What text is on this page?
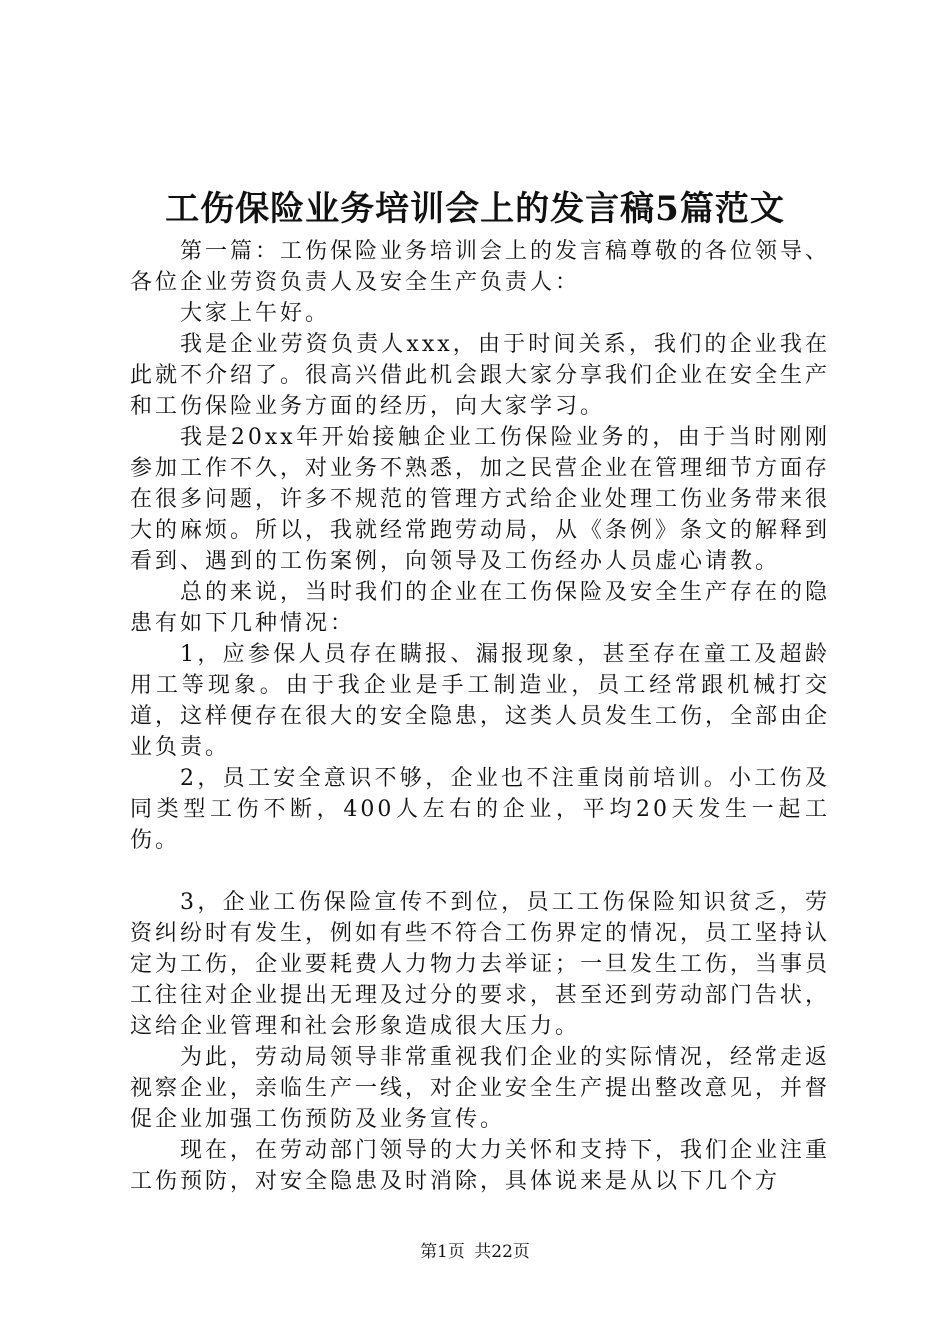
工伤保险业务培训会上的发言稿5篇范文

第一篇：工伤保险业务培训会上的发言稿尊敬的各位领导、各位企业劳资负责人及安全生产负责人：

大家上午好。

我是企业劳资负责人xxx，由于时间关系，我们的企业我在此就不介绍了。很高兴借此机会跟大家分享我们企业在安全生产和工伤保险业务方面的经历，向大家学习。

我是20xx年开始接触企业工伤保险业务的，由于当时刚刚参加工作不久，对业务不熟悉，加之民营企业在管理细节方面存在很多问题，许多不规范的管理方式给企业处理工伤业务带来很大的麻烦。所以，我就经常跑劳动局，从《条例》条文的解释到看到、遇到的工伤案例，向领导及工伤经办人员虚心请教。

总的来说，当时我们的企业在工伤保险及安全生产存在的隐患有如下几种情况：

1，应参保人员存在瞒报、漏报现象，甚至存在童工及超龄用工等现象。由于我企业是手工制造业，员工经常跟机械打交道，这样便存在很大的安全隐患，这类人员发生工伤，全部由企业负责。

2，员工安全意识不够，企业也不注重岗前培训。小工伤及同类型工伤不断，400人左右的企业，平均20天发生一起工伤。

3，企业工伤保险宣传不到位，员工工伤保险知识贫乏，劳资纠纷时有发生，例如有些不符合工伤界定的情况，员工坚持认定为工伤，企业要耗费人力物力去举证；一旦发生工伤，当事员工往往对企业提出无理及过分的要求，甚至还到劳动部门告状，这给企业管理和社会形象造成很大压力。

为此，劳动局领导非常重视我们企业的实际情况，经常走返视察企业，亲临生产一线，对企业安全生产提出整改意见，并督促企业加强工伤预防及业务宣传。

现在，在劳动部门领导的大力关怀和支持下，我们企业注重工伤预防，对安全隐患及时消除，具体说来是从以下几个方

第1页 共22页
